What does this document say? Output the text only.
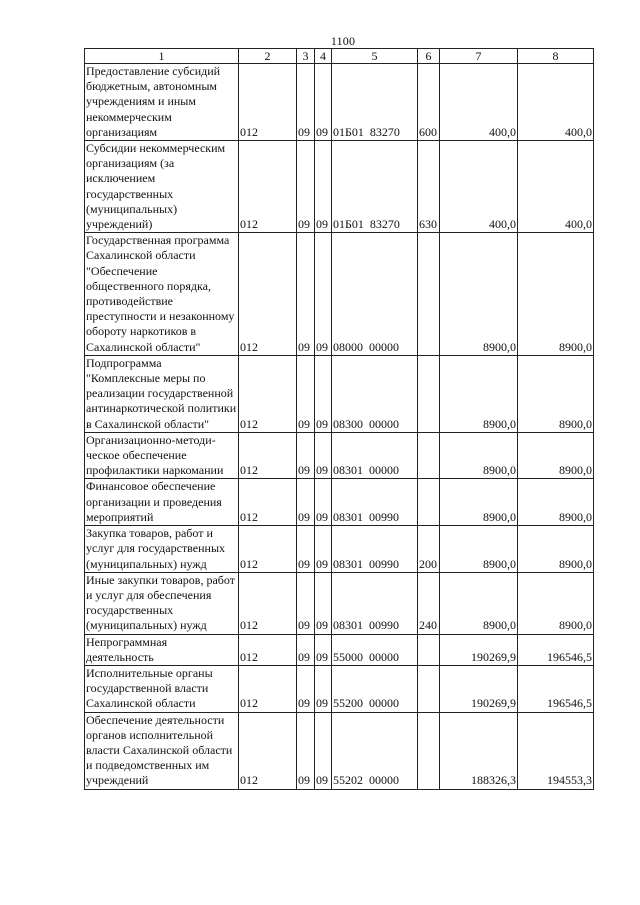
1100
1	2	3	4	5	6	7	8
Предоставление субсидий бюджетным, автономным учреждениям и иным некоммерческим организациям	012	09	09	01Б01 83270	600	400,0	400,0
Субсидии некоммерческим организациям (за исключением государственных (муниципальных) учреждений)	012	09	09	01Б01 83270	630	400,0	400,0
Государственная программа Сахалинской области "Обеспечение общественного порядка, противодействие преступности и незаконному обороту наркотиков в Сахалинской области"	012	09	09	08000 00000		8900,0	8900,0
Подпрограмма "Комплексные меры по реализации государственной антинаркотической политики в Сахалинской области"	012	09	09	08300 00000		8900,0	8900,0
Организационно-методи-ческое обеспечение профилактики наркомании	012	09	09	08301 00000		8900,0	8900,0
Финансовое обеспечение организации и проведения мероприятий	012	09	09	08301 00990		8900,0	8900,0
Закупка товаров, работ и услуг для государственных (муниципальных) нужд	012	09	09	08301 00990	200	8900,0	8900,0
Иные закупки товаров, работ и услуг для обеспечения государственных (муниципальных) нужд	012	09	09	08301 00990	240	8900,0	8900,0
Непрограммная деятельность	012	09	09	55000 00000		190269,9	196546,5
Исполнительные органы государственной власти Сахалинской области	012	09	09	55200 00000		190269,9	196546,5
Обеспечение деятельности органов исполнительной власти Сахалинской области и подведомственных им учреждений	012	09	09	55202 00000		188326,3	194553,3
